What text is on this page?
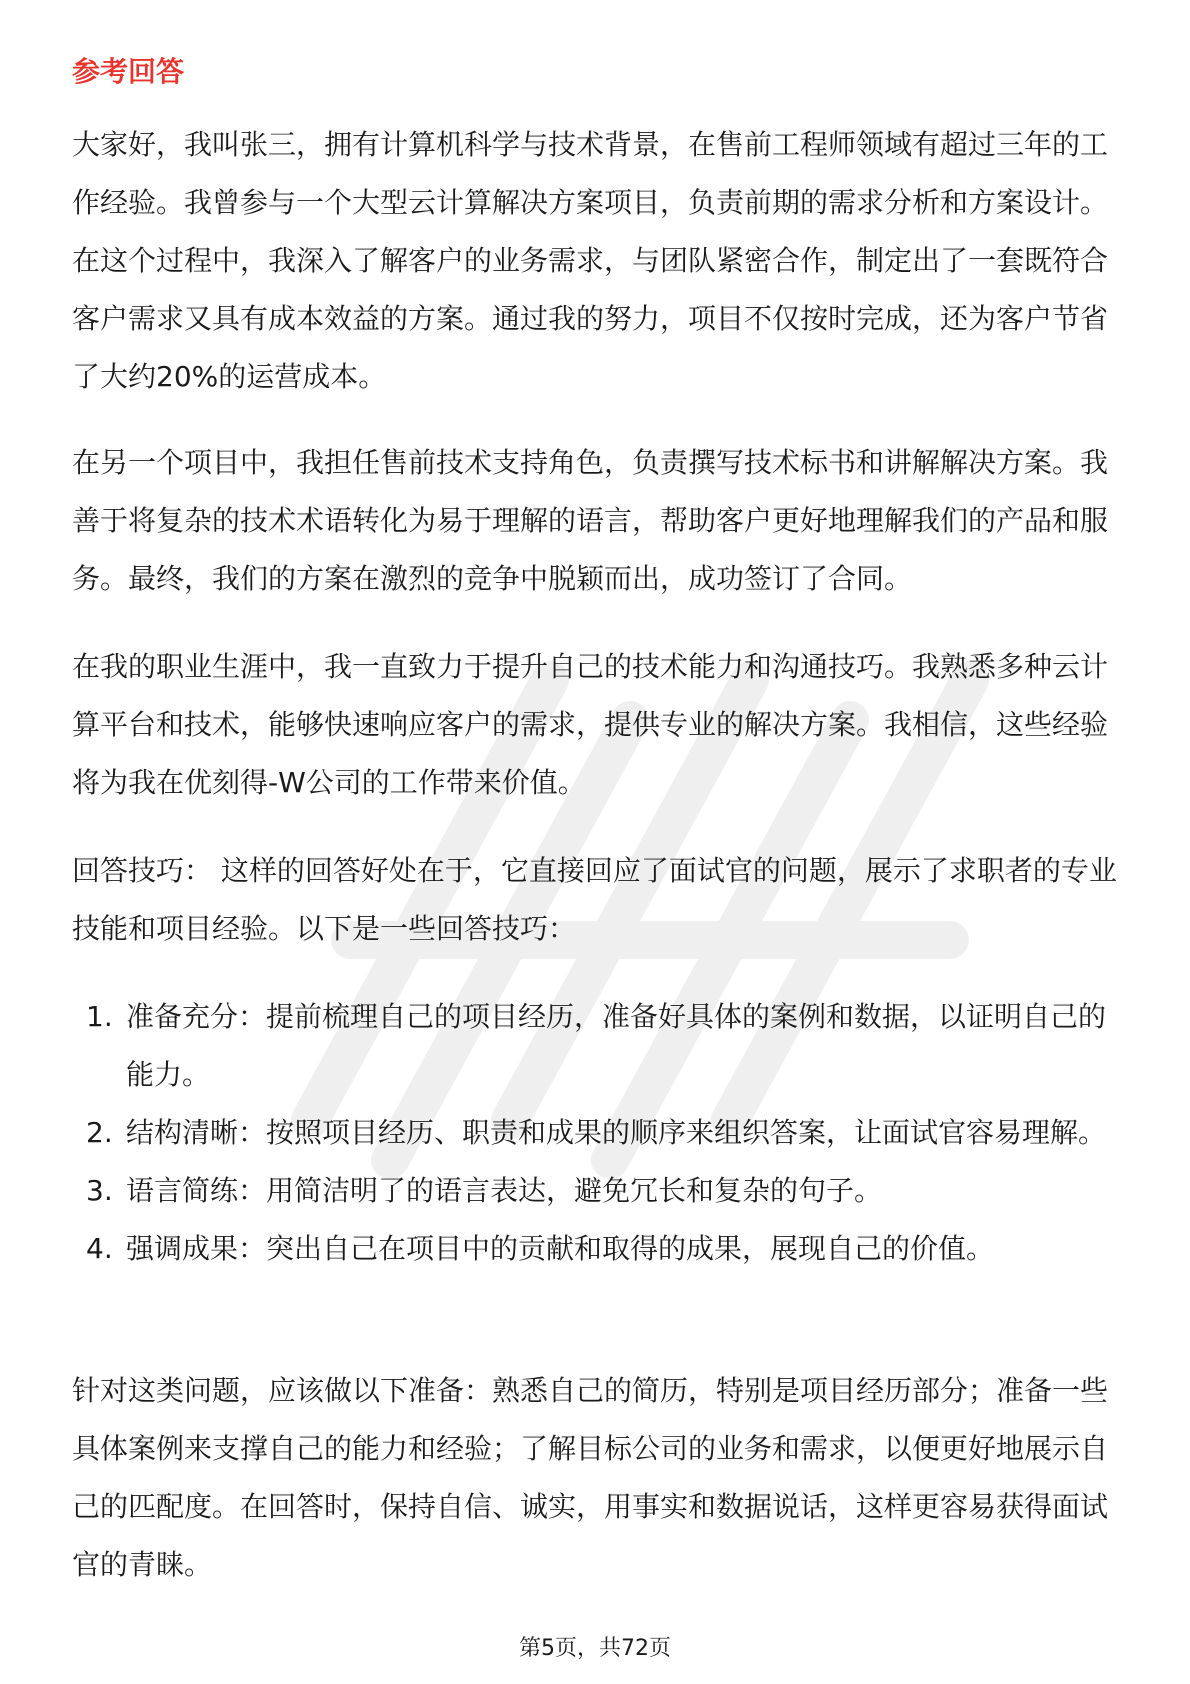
参考回答

大家好，我叫张三，拥有计算机科学与技术背景，在售前工程师领域有超过三年的工作经验。我曾参与一个大型云计算解决方案项目，负责前期的需求分析和方案设计。在这个过程中，我深入了解客户的业务需求，与团队紧密合作，制定出了一套既符合客户需求又具有成本效益的方案。通过我的努力，项目不仅按时完成，还为客户节省了大约20%的运营成本。

在另一个项目中，我担任售前技术支持角色，负责撰写技术标书和讲解解决方案。我善于将复杂的技术术语转化为易于理解的语言，帮助客户更好地理解我们的产品和服务。最终，我们的方案在激烈的竞争中脱颖而出，成功签订了合同。

在我的职业生涯中，我一直致力于提升自己的技术能力和沟通技巧。我熟悉多种云计算平台和技术，能够快速响应客户的需求，提供专业的解决方案。我相信，这些经验将为我在优刻得-W公司的工作带来价值。

回答技巧： 这样的回答好处在于，它直接回应了面试官的问题，展示了求职者的专业技能和项目经验。以下是一些回答技巧：

1. 准备充分：提前梳理自己的项目经历，准备好具体的案例和数据，以证明自己的能力。
2. 结构清晰：按照项目经历、职责和成果的顺序来组织答案，让面试官容易理解。
3. 语言简练：用简洁明了的语言表达，避免冗长和复杂的句子。
4. 强调成果：突出自己在项目中的贡献和取得的成果，展现自己的价值。

针对这类问题，应该做以下准备：熟悉自己的简历，特别是项目经历部分；准备一些具体案例来支撑自己的能力和经验；了解目标公司的业务和需求，以便更好地展示自己的匹配度。在回答时，保持自信、诚实，用事实和数据说话，这样更容易获得面试官的青睐。

第5页，共72页
